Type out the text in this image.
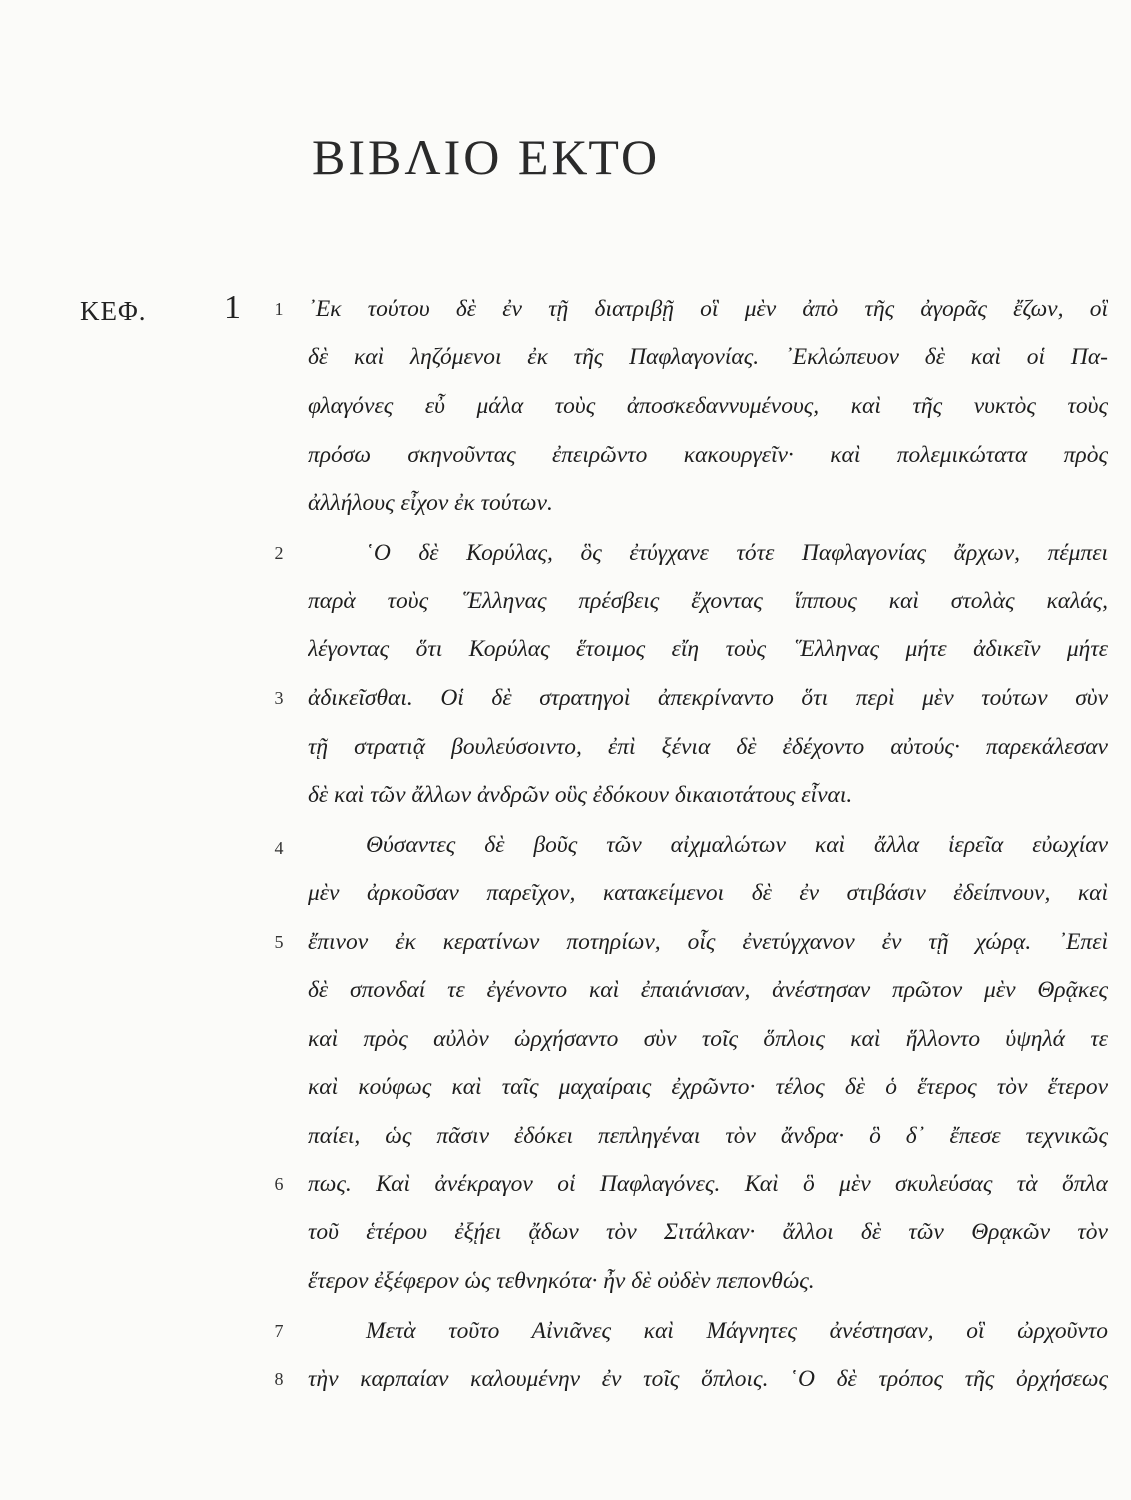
ΒΙΒΛΙΟ ΕΚΤΟ
ΚΕΦ. 1	1	᾿Εκ τούτου δὲ ἐν τῇ διατριβῇ οἳ μὲν ἀπὸ τῆς ἀγορᾶς ἔζων, οἳ
δὲ καὶ ληζόμενοι ἐκ τῆς Παφλαγονίας. ᾿Εκλώπευον δὲ καὶ οἱ Πα-
φλαγόνες εὖ μάλα τοὺς ἀποσκεδαννυμένους, καὶ τῆς νυκτὸς τοὺς
πρόσω σκηνοῦντας ἐπειρῶντο κακουργεῖν· καὶ πολεμικώτατα πρὸς
ἀλλήλους εἶχον ἐκ τούτων.
2	῾Ο δὲ Κορύλας, ὃς ἐτύγχανε τότε Παφλαγονίας ἄρχων, πέμπει
παρὰ τοὺς ῞Ελληνας πρέσβεις ἔχοντας ἵππους καὶ στολὰς καλάς,
λέγοντας ὅτι Κορύλας ἕτοιμος εἴη τοὺς ῞Ελληνας μήτε ἀδικεῖν μήτε
3	ἀδικεῖσθαι. Οἱ δὲ στρατηγοὶ ἀπεκρίναντο ὅτι περὶ μὲν τούτων σὺν
τῇ στρατιᾷ βουλεύσοιντο, ἐπὶ ξένια δὲ ἐδέχοντο αὐτούς· παρεκάλεσαν
δὲ καὶ τῶν ἄλλων ἀνδρῶν οὓς ἐδόκουν δικαιοτάτους εἶναι.
4	Θύσαντες δὲ βοῦς τῶν αἰχμαλώτων καὶ ἄλλα ἱερεῖα εὐωχίαν
μὲν ἀρκοῦσαν παρεῖχον, κατακείμενοι δὲ ἐν στιβάσιν ἐδείπνουν, καὶ
5	ἔπινον ἐκ κερατίνων ποτηρίων, οἷς ἐνετύγχανον ἐν τῇ χώρᾳ. ᾿Επεὶ
δὲ σπονδαί τε ἐγένοντο καὶ ἐπαιάνισαν, ἀνέστησαν πρῶτον μὲν Θρᾷκες
καὶ πρὸς αὐλὸν ὠρχήσαντο σὺν τοῖς ὅπλοις καὶ ἥλλοντο ὑψηλά τε
καὶ κούφως καὶ ταῖς μαχαίραις ἐχρῶντο· τέλος δὲ ὁ ἕτερος τὸν ἕτερον
παίει, ὡς πᾶσιν ἐδόκει πεπληγέναι τὸν ἄνδρα· ὃ δ᾿ ἔπεσε τεχνικῶς
6	πως. Καὶ ἀνέκραγον οἱ Παφλαγόνες. Καὶ ὃ μὲν σκυλεύσας τὰ ὅπλα
τοῦ ἑτέρου ἐξῄει ᾄδων τὸν Σιτάλκαν· ἄλλοι δὲ τῶν Θρᾳκῶν τὸν
ἕτερον ἐξέφερον ὡς τεθνηκότα· ἦν δὲ οὐδὲν πεπονθώς.
7	Μετὰ τοῦτο Αἰνιᾶνες καὶ Μάγνητες ἀνέστησαν, οἳ ὠρχοῦντο
8	τὴν καρπαίαν καλουμένην ἐν τοῖς ὅπλοις. ῾Ο δὲ τρόπος τῆς ὀρχήσεως
